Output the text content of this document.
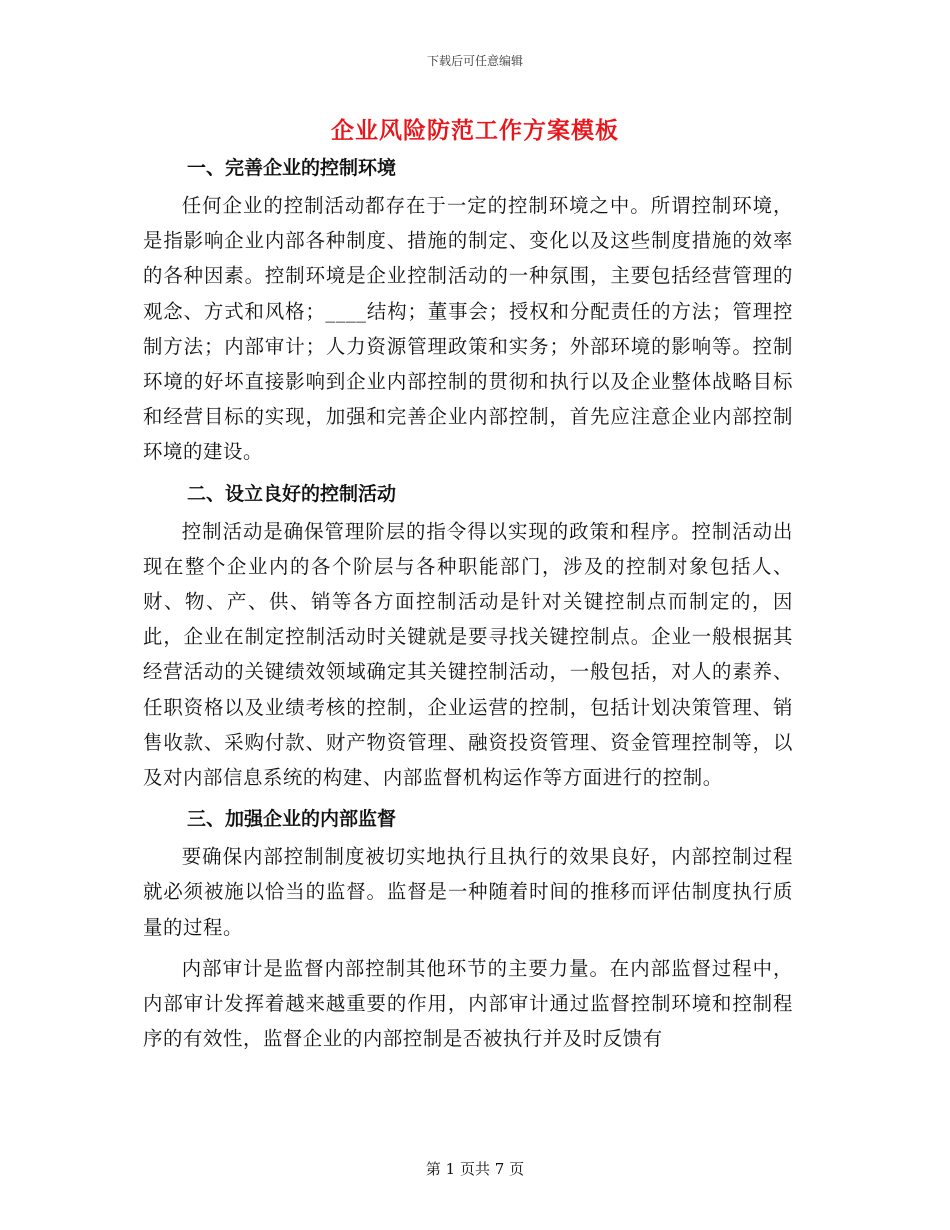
下载后可任意编辑
企业风险防范工作方案模板
一、完善企业的控制环境

任何企业的控制活动都存在于一定的控制环境之中。所谓控制环境，是指影响企业内部各种制度、措施的制定、变化以及这些制度措施的效率的各种因素。控制环境是企业控制活动的一种氛围，主要包括经营管理的观念、方式和风格；____结构；董事会；授权和分配责任的方法；管理控制方法；内部审计；人力资源管理政策和实务；外部环境的影响等。控制环境的好坏直接影响到企业内部控制的贯彻和执行以及企业整体战略目标和经营目标的实现，加强和完善企业内部控制，首先应注意企业内部控制环境的建设。

二、设立良好的控制活动

控制活动是确保管理阶层的指令得以实现的政策和程序。控制活动出现在整个企业内的各个阶层与各种职能部门，涉及的控制对象包括人、财、物、产、供、销等各方面控制活动是针对关键控制点而制定的，因此，企业在制定控制活动时关键就是要寻找关键控制点。企业一般根据其经营活动的关键绩效领域确定其关键控制活动，一般包括，对人的素养、任职资格以及业绩考核的控制，企业运营的控制，包括计划决策管理、销售收款、采购付款、财产物资管理、融资投资管理、资金管理控制等，以及对内部信息系统的构建、内部监督机构运作等方面进行的控制。

三、加强企业的内部监督

要确保内部控制制度被切实地执行且执行的效果良好，内部控制过程就必须被施以恰当的监督。监督是一种随着时间的推移而评估制度执行质量的过程。

内部审计是监督内部控制其他环节的主要力量。在内部监督过程中，内部审计发挥着越来越重要的作用，内部审计通过监督控制环境和控制程序的有效性，监督企业的内部控制是否被执行并及时反馈有

第 1 页共 7 页
